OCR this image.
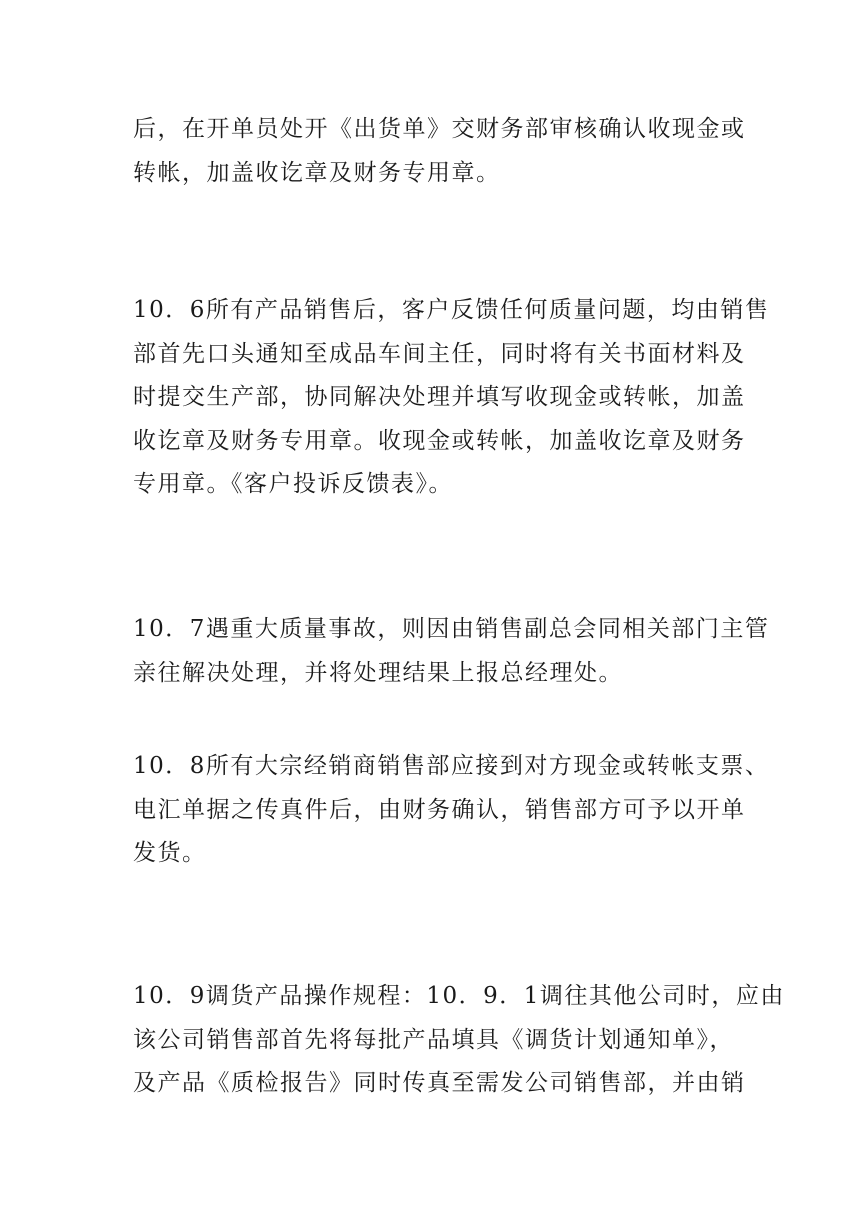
后，在开单员处开《出货单》交财务部审核确认收现金或
转帐，加盖收讫章及财务专用章。

10．6所有产品销售后，客户反馈任何质量问题，均由销售
部首先口头通知至成品车间主任，同时将有关书面材料及
时提交生产部，协同解决处理并填写收现金或转帐，加盖
收讫章及财务专用章。收现金或转帐，加盖收讫章及财务
专用章。《客户投诉反馈表》。

10．7遇重大质量事故，则因由销售副总会同相关部门主管
亲往解决处理，并将处理结果上报总经理处。

10．8所有大宗经销商销售部应接到对方现金或转帐支票、
电汇单据之传真件后，由财务确认，销售部方可予以开单
发货。

10．9调货产品操作规程：10．9．1调往其他公司时，应由
该公司销售部首先将每批产品填具《调货计划通知单》，
及产品《质检报告》同时传真至需发公司销售部，并由销
